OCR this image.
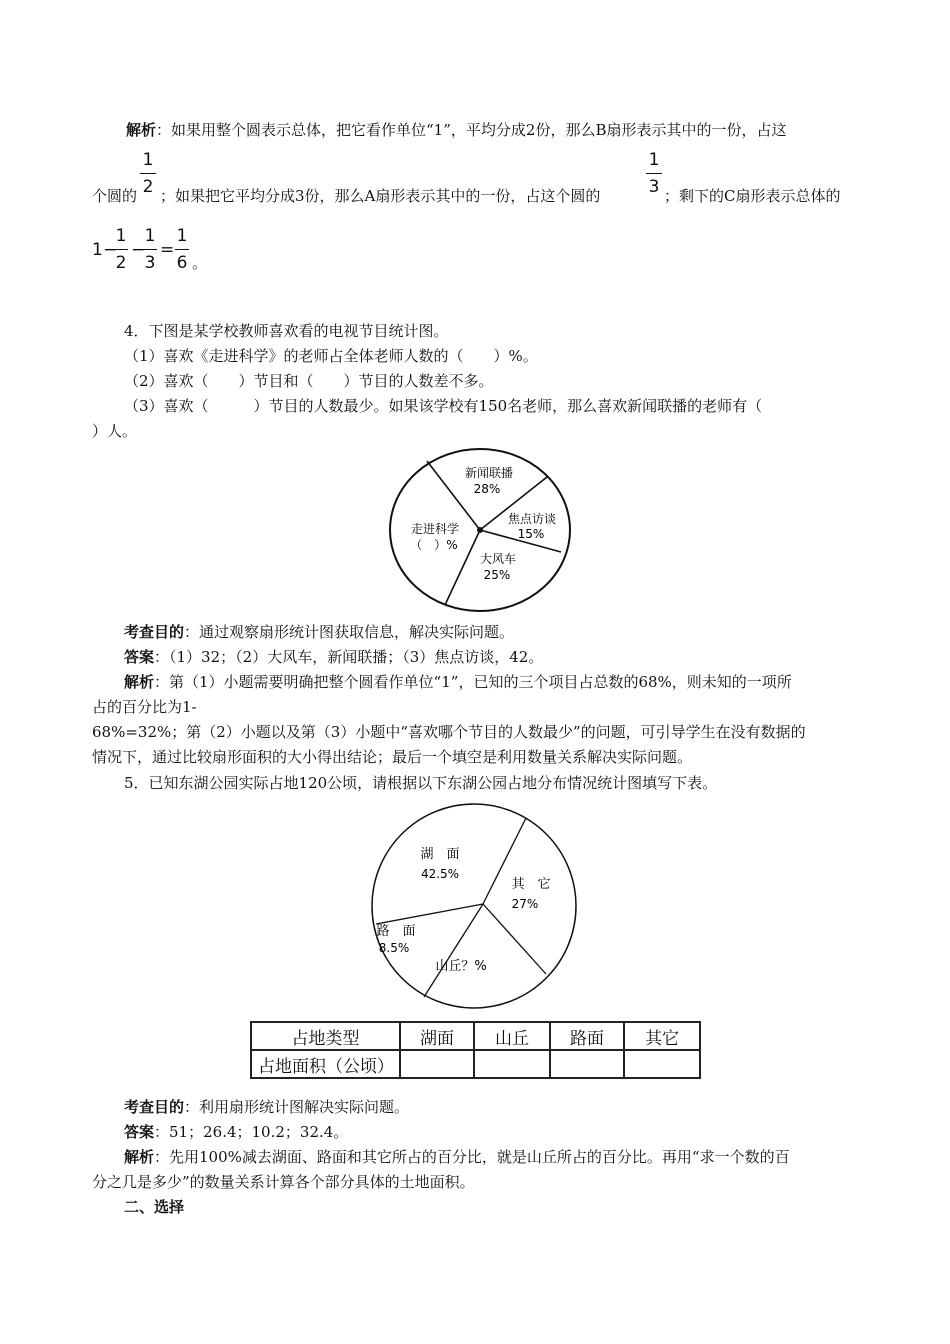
解析：如果用整个圆表示总体，把它看作单位“1”，平均分成2份，那么B扇形表示其中的一份，占这
1
2
1
3
个圆的 ；如果把它平均分成3份，那么A扇形表示其中的一份，占这个圆的	；剩下的C扇形表示总体的
1 −
1
2
−
1
3
=
1
6 。
4．下图是某学校教师喜欢看的电视节目统计图。
（1）喜欢《走进科学》的老师占全体老师人数的（　　）%。
（2）喜欢（　　）节目和（　　）节目的人数差不多。
（3）喜欢（　　　）节目的人数最少。如果该学校有150名老师，那么喜欢新闻联播的老师有（
）人。
新闻联播
28%
焦点访谈
15%
大风车
25%
走进科学
（　）%
考查目的：通过观察扇形统计图获取信息，解决实际问题。
答案：（1）32；（2）大风车，新闻联播；（3）焦点访谈，42。
解析：第（1）小题需要明确把整个圆看作单位“1”，已知的三个项目占总数的68%，则未知的一项所
占的百分比为1-
68%=32%；第（2）小题以及第（3）小题中“喜欢哪个节目的人数最少”的问题，可引导学生在没有数据的
情况下，通过比较扇形面积的大小得出结论；最后一个填空是利用数量关系解决实际问题。
5．已知东湖公园实际占地120公顷，请根据以下东湖公园占地分布情况统计图填写下表。
湖　面
42.5%
其　它
27%
路　面
8.5%
山丘？%
占地类型	湖面	山丘	路面	其它
占地面积（公顷）				
考查目的：利用扇形统计图解决实际问题。
答案：51；26.4；10.2；32.4。
解析：先用100%减去湖面、路面和其它所占的百分比，就是山丘所占的百分比。再用“求一个数的百
分之几是多少”的数量关系计算各个部分具体的土地面积。
二、选择
